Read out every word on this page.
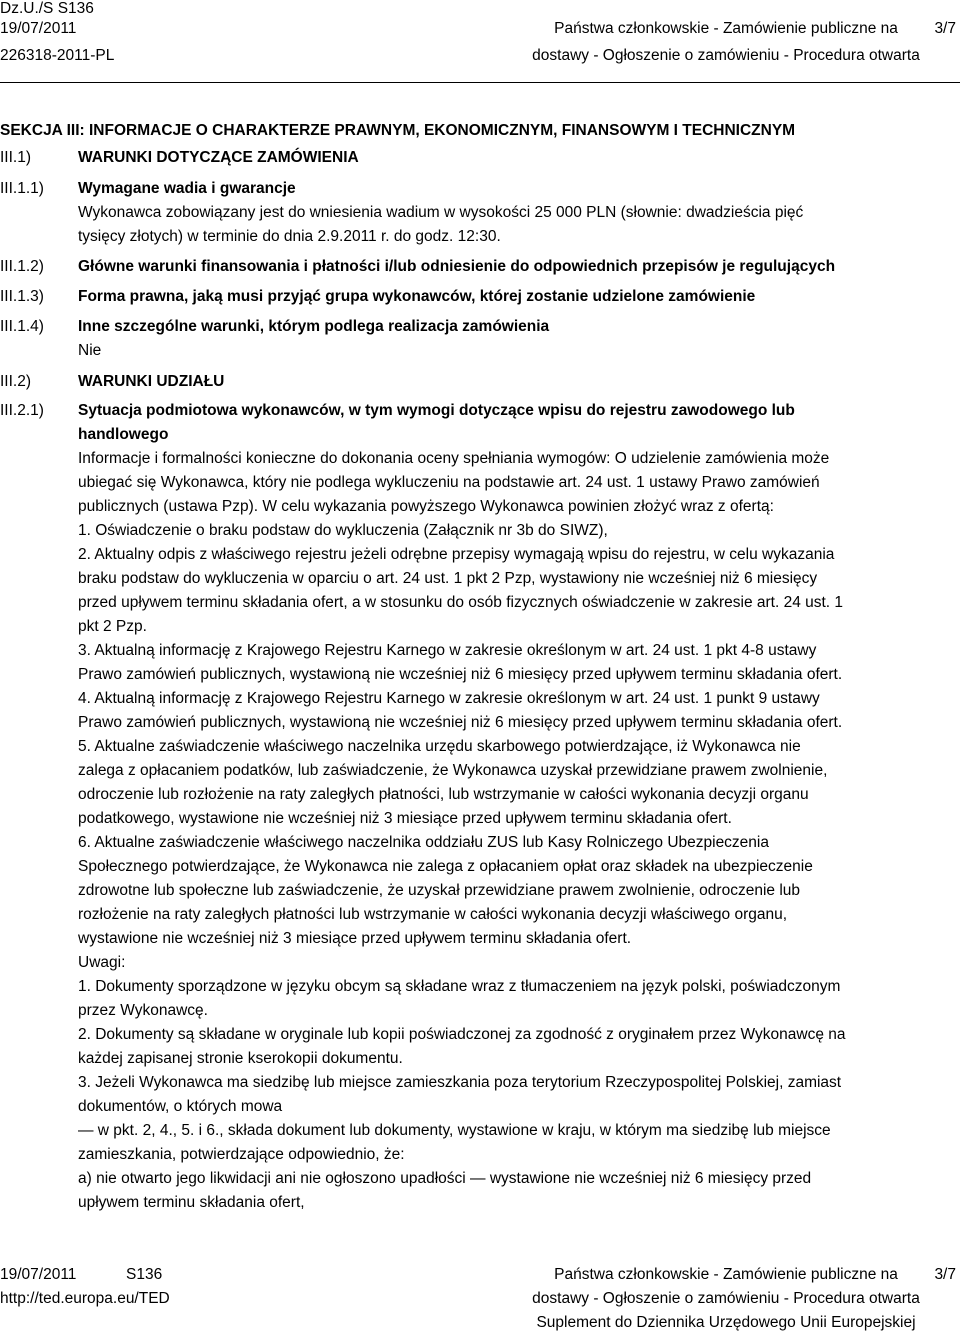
Dz.U./S S136
19/07/2011
226318-2011-PL
Państwa członkowskie - Zamówienie publiczne na
dostawy - Ogłoszenie o zamówieniu - Procedura otwarta
3/7
SEKCJA III: INFORMACJE O CHARAKTERZE PRAWNYM, EKONOMICZNYM, FINANSOWYM I TECHNICZNYM
III.1)	WARUNKI DOTYCZĄCE ZAMÓWIENIA
III.1.1)	Wymagane wadia i gwarancje

Wykonawca zobowiązany jest do wniesienia wadium w wysokości 25 000 PLN (słownie: dwadzieścia pięć

tysięcy złotych) w terminie do dnia 2.9.2011 r. do godz. 12:30.

III.1.2)	Główne warunki finansowania i płatności i/lub odniesienie do odpowiednich przepisów je regulujących
III.1.3)	Forma prawna, jaką musi przyjąć grupa wykonawców, której zostanie udzielone zamówienie
III.1.4)	Inne szczególne warunki, którym podlega realizacja zamówienia

Nie

III.2)	WARUNKI UDZIAŁU
III.2.1)	Sytuacja podmiotowa wykonawców, w tym wymogi dotyczące wpisu do rejestru zawodowego lub

handlowego

Informacje i formalności konieczne do dokonania oceny spełniania wymogów: O udzielenie zamówienia może

ubiegać się Wykonawca, który nie podlega wykluczeniu na podstawie art. 24 ust. 1 ustawy Prawo zamówień

publicznych (ustawa Pzp). W celu wykazania powyższego Wykonawca powinien złożyć wraz z ofertą:

1. Oświadczenie o braku podstaw do wykluczenia (Załącznik nr 3b do SIWZ),

2. Aktualny odpis z właściwego rejestru jeżeli odrębne przepisy wymagają wpisu do rejestru, w celu wykazania

braku podstaw do wykluczenia w oparciu o art. 24 ust. 1 pkt 2 Pzp, wystawiony nie wcześniej niż 6 miesięcy

przed upływem terminu składania ofert, a w stosunku do osób fizycznych oświadczenie w zakresie art. 24 ust. 1

pkt 2 Pzp.

3. Aktualną informację z Krajowego Rejestru Karnego w zakresie określonym w art. 24 ust. 1 pkt 4-8 ustawy

Prawo zamówień publicznych, wystawioną nie wcześniej niż 6 miesięcy przed upływem terminu składania ofert.

4. Aktualną informację z Krajowego Rejestru Karnego w zakresie określonym w art. 24 ust. 1 punkt 9 ustawy

Prawo zamówień publicznych, wystawioną nie wcześniej niż 6 miesięcy przed upływem terminu składania ofert.

5. Aktualne zaświadczenie właściwego naczelnika urzędu skarbowego potwierdzające, iż Wykonawca nie

zalega z opłacaniem podatków, lub zaświadczenie, że Wykonawca uzyskał przewidziane prawem zwolnienie,

odroczenie lub rozłożenie na raty zaległych płatności, lub wstrzymanie w całości wykonania decyzji organu

podatkowego, wystawione nie wcześniej niż 3 miesiące przed upływem terminu składania ofert.

6. Aktualne zaświadczenie właściwego naczelnika oddziału ZUS lub Kasy Rolniczego Ubezpieczenia

Społecznego potwierdzające, że Wykonawca nie zalega z opłacaniem opłat oraz składek na ubezpieczenie

zdrowotne lub społeczne lub zaświadczenie, że uzyskał przewidziane prawem zwolnienie, odroczenie lub

rozłożenie na raty zaległych płatności lub wstrzymanie w całości wykonania decyzji właściwego organu,

wystawione nie wcześniej niż 3 miesiące przed upływem terminu składania ofert.

Uwagi:

1. Dokumenty sporządzone w języku obcym są składane wraz z tłumaczeniem na język polski, poświadczonym

przez Wykonawcę.

2. Dokumenty są składane w oryginale lub kopii poświadczonej za zgodność z oryginałem przez Wykonawcę na

każdej zapisanej stronie kserokopii dokumentu.

3. Jeżeli Wykonawca ma siedzibę lub miejsce zamieszkania poza terytorium Rzeczypospolitej Polskiej, zamiast

dokumentów, o których mowa

— w pkt. 2, 4., 5. i 6., składa dokument lub dokumenty, wystawione w kraju, w którym ma siedzibę lub miejsce

zamieszkania, potwierdzające odpowiednio, że:

a) nie otwarto jego likwidacji ani nie ogłoszono upadłości — wystawione nie wcześniej niż 6 miesięcy przed

upływem terminu składania ofert,

19/07/2011	S136
http://ted.europa.eu/TED
Państwa członkowskie - Zamówienie publiczne na
dostawy - Ogłoszenie o zamówieniu - Procedura otwarta
Suplement do Dziennika Urzędowego Unii Europejskiej
3/7
